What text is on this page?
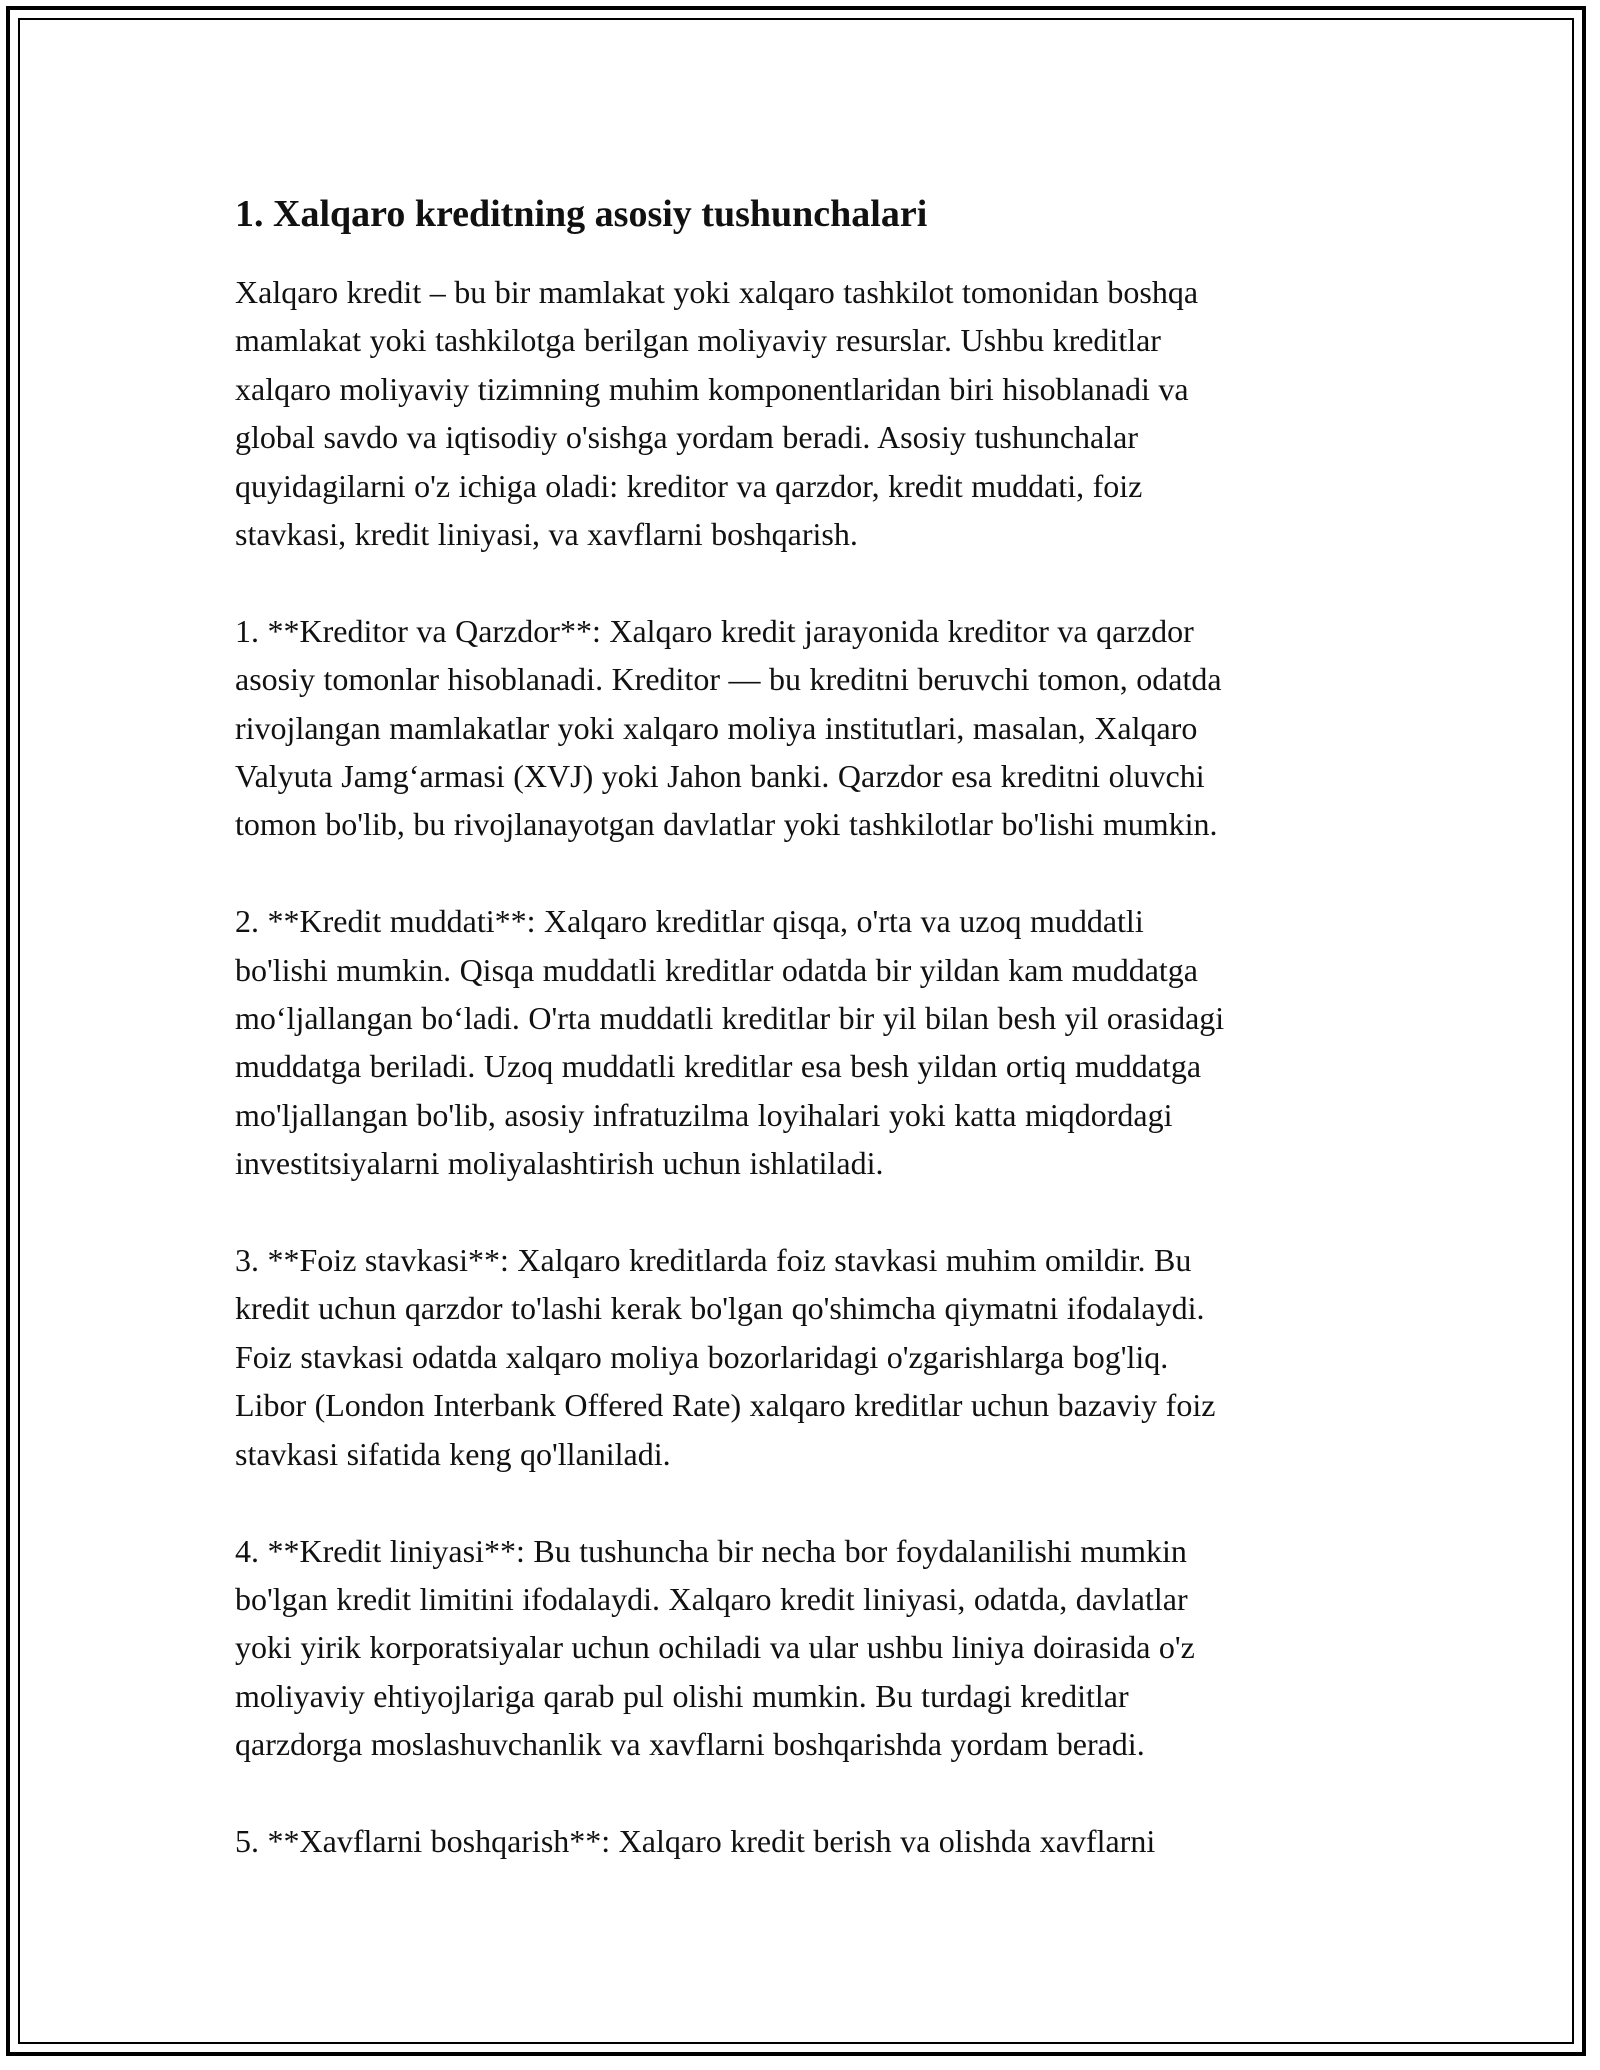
1. Xalqaro kreditning asosiy tushunchalari
Xalqaro kredit – bu bir mamlakat yoki xalqaro tashkilot tomonidan boshqa
mamlakat yoki tashkilotga berilgan moliyaviy resurslar. Ushbu kreditlar
xalqaro moliyaviy tizimning muhim komponentlaridan biri hisoblanadi va
global savdo va iqtisodiy o'sishga yordam beradi. Asosiy tushunchalar
quyidagilarni o'z ichiga oladi: kreditor va qarzdor, kredit muddati, foiz
stavkasi, kredit liniyasi, va xavflarni boshqarish.
1. **Kreditor va Qarzdor**: Xalqaro kredit jarayonida kreditor va qarzdor
asosiy tomonlar hisoblanadi. Kreditor — bu kreditni beruvchi tomon, odatda
rivojlangan mamlakatlar yoki xalqaro moliya institutlari, masalan, Xalqaro
Valyuta Jamg‘armasi (XVJ) yoki Jahon banki. Qarzdor esa kreditni oluvchi
tomon bo'lib, bu rivojlanayotgan davlatlar yoki tashkilotlar bo'lishi mumkin.
2. **Kredit muddati**: Xalqaro kreditlar qisqa, o'rta va uzoq muddatli
bo'lishi mumkin. Qisqa muddatli kreditlar odatda bir yildan kam muddatga
mo‘ljallangan bo‘ladi. O'rta muddatli kreditlar bir yil bilan besh yil orasidagi
muddatga beriladi. Uzoq muddatli kreditlar esa besh yildan ortiq muddatga
mo'ljallangan bo'lib, asosiy infratuzilma loyihalari yoki katta miqdordagi
investitsiyalarni moliyalashtirish uchun ishlatiladi.
3. **Foiz stavkasi**: Xalqaro kreditlarda foiz stavkasi muhim omildir. Bu
kredit uchun qarzdor to'lashi kerak bo'lgan qo'shimcha qiymatni ifodalaydi.
Foiz stavkasi odatda xalqaro moliya bozorlaridagi o'zgarishlarga bog'liq.
Libor (London Interbank Offered Rate) xalqaro kreditlar uchun bazaviy foiz
stavkasi sifatida keng qo'llaniladi.
4. **Kredit liniyasi**: Bu tushuncha bir necha bor foydalanilishi mumkin
bo'lgan kredit limitini ifodalaydi. Xalqaro kredit liniyasi, odatda, davlatlar
yoki yirik korporatsiyalar uchun ochiladi va ular ushbu liniya doirasida o'z
moliyaviy ehtiyojlariga qarab pul olishi mumkin. Bu turdagi kreditlar
qarzdorga moslashuvchanlik va xavflarni boshqarishda yordam beradi.
5. **Xavflarni boshqarish**: Xalqaro kredit berish va olishda xavflarni
